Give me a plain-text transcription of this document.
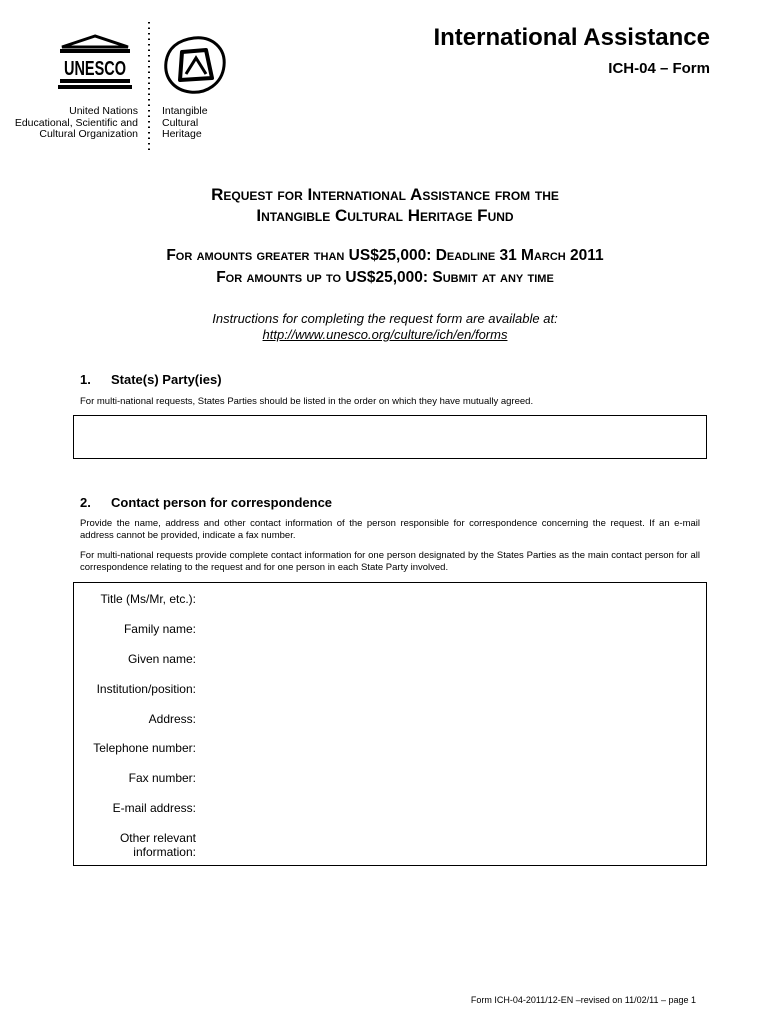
UNESCO
United Nations
Educational, Scientific and
Cultural Organization
Intangible
Cultural
Heritage
International Assistance
ICH-04 – Form
Request for International Assistance from the
Intangible Cultural Heritage Fund
For amounts greater than US$25,000: Deadline 31 March 2011
For amounts up to US$25,000: Submit at any time
Instructions for completing the request form are available at:
http://www.unesco.org/culture/ich/en/forms
1. State(s) Party(ies)
For multi-national requests, States Parties should be listed in the order on which they have mutually agreed.
2. Contact person for correspondence
Provide the name, address and other contact information of the person responsible for correspondence concerning the request. If an e-mail address cannot be provided, indicate a fax number.
For multi-national requests provide complete contact information for one person designated by the States Parties as the main contact person for all correspondence relating to the request and for one person in each State Party involved.
Title (Ms/Mr, etc.):
Family name:
Given name:
Institution/position:
Address:
Telephone number:
Fax number:
E-mail address:
Other relevant information:
Form ICH-04-2011/12-EN –revised on 11/02/11 – page 1
